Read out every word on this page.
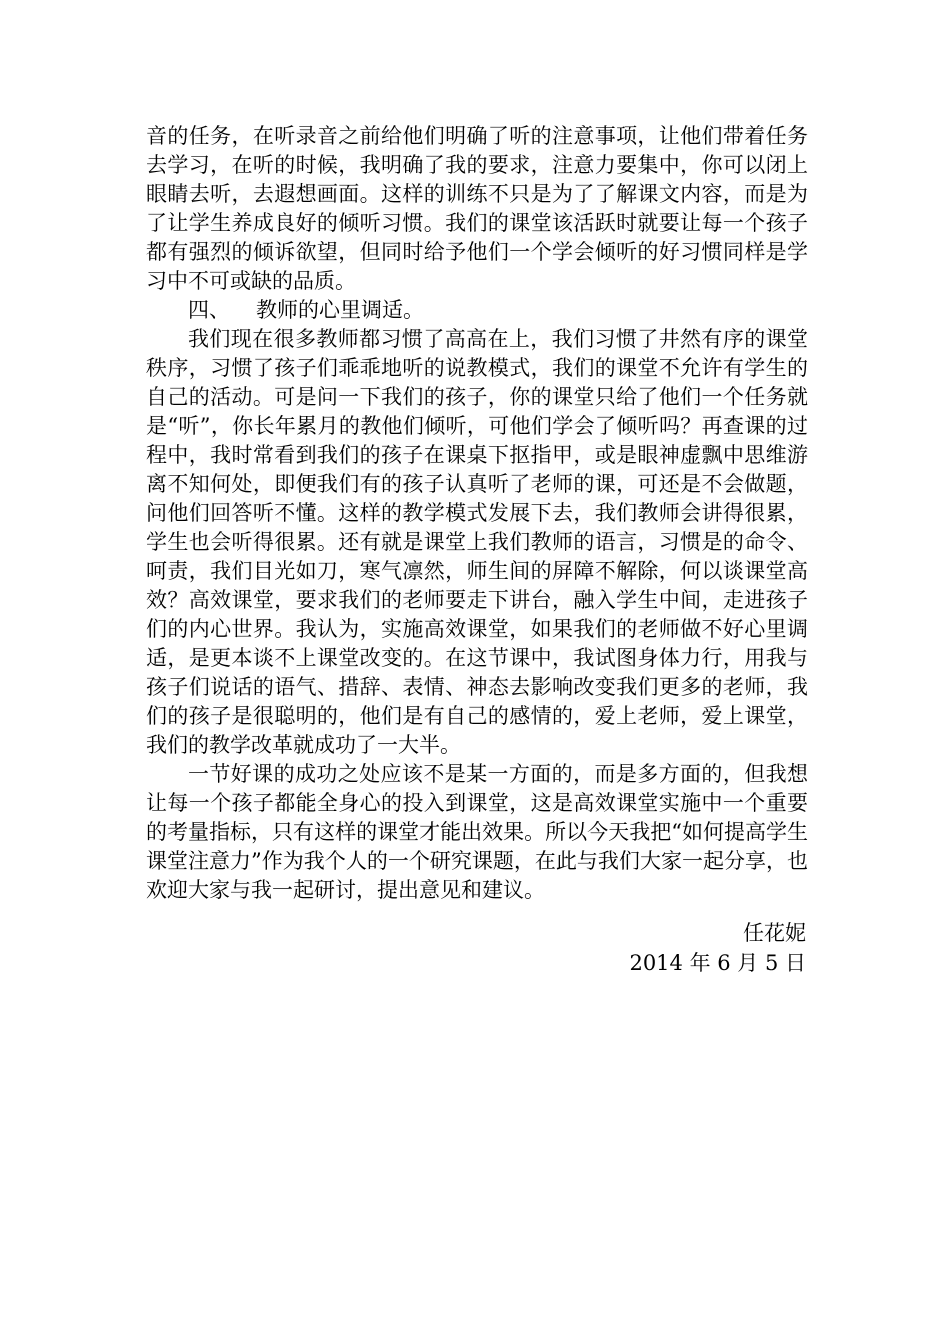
音的任务，在听录音之前给他们明确了听的注意事项，让他们带着任务去学习，在听的时候，我明确了我的要求，注意力要集中，你可以闭上眼睛去听，去遐想画面。这样的训练不只是为了了解课文内容，而是为了让学生养成良好的倾听习惯。我们的课堂该活跃时就要让每一个孩子都有强烈的倾诉欲望，但同时给予他们一个学会倾听的好习惯同样是学习中不可或缺的品质。

四、 教师的心里调适。

我们现在很多教师都习惯了高高在上，我们习惯了井然有序的课堂秩序，习惯了孩子们乖乖地听的说教模式，我们的课堂不允许有学生的自己的活动。可是问一下我们的孩子，你的课堂只给了他们一个任务就是“听”，你长年累月的教他们倾听，可他们学会了倾听吗？再查课的过程中，我时常看到我们的孩子在课桌下抠指甲，或是眼神虚飘中思维游离不知何处，即便我们有的孩子认真听了老师的课，可还是不会做题，问他们回答听不懂。这样的教学模式发展下去，我们教师会讲得很累，学生也会听得很累。还有就是课堂上我们教师的语言，习惯是的命令、呵责，我们目光如刀，寒气凛然，师生间的屏障不解除，何以谈课堂高效？高效课堂，要求我们的老师要走下讲台，融入学生中间，走进孩子们的内心世界。我认为，实施高效课堂，如果我们的老师做不好心里调适，是更本谈不上课堂改变的。在这节课中，我试图身体力行，用我与孩子们说话的语气、措辞、表情、神态去影响改变我们更多的老师，我们的孩子是很聪明的，他们是有自己的感情的，爱上老师，爱上课堂，我们的教学改革就成功了一大半。

一节好课的成功之处应该不是某一方面的，而是多方面的，但我想让每一个孩子都能全身心的投入到课堂，这是高效课堂实施中一个重要的考量指标，只有这样的课堂才能出效果。所以今天我把“如何提高学生课堂注意力”作为我个人的一个研究课题，在此与我们大家一起分享，也欢迎大家与我一起研讨，提出意见和建议。

任花妮
2014 年 6 月 5 日
